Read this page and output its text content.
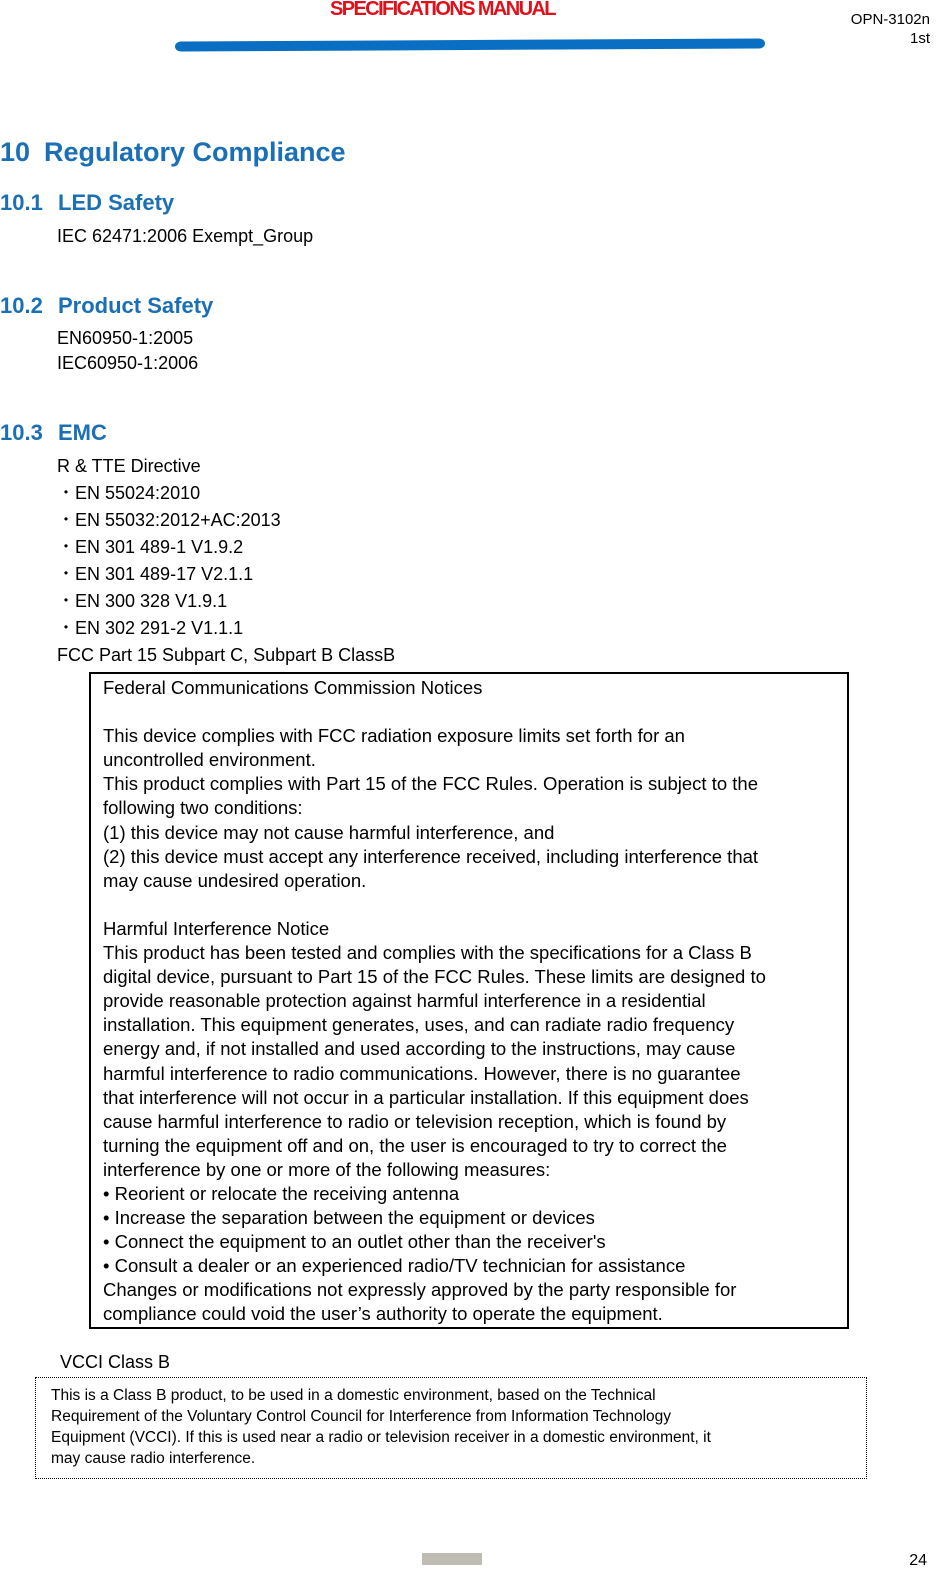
SPECIFICATIONS MANUAL	OPN-3102n
1st
10 Regulatory Compliance
10.1 LED Safety
IEC 62471:2006 Exempt_Group
10.2 Product Safety
EN60950-1:2005
IEC60950-1:2006
10.3 EMC
R & TTE Directive
・ EN 55024:2010
・ EN 55032:2012+AC:2013
・ EN 301 489-1 V1.9.2
・ EN 301 489-17 V2.1.1
・ EN 300 328 V1.9.1
・ EN 302 291-2 V1.1.1
FCC Part 15 Subpart C, Subpart B ClassB

Federal Communications Commission Notices

This device complies with FCC radiation exposure limits set forth for an

uncontrolled environment.

This product complies with Part 15 of the FCC Rules. Operation is subject to the

following two conditions:

(1) this device may not cause harmful interference, and

(2) this device must accept any interference received, including interference that

may cause undesired operation.

Harmful Interference Notice

This product has been tested and complies with the specifications for a Class B

digital device, pursuant to Part 15 of the FCC Rules. These limits are designed to

provide reasonable protection against harmful interference in a residential

installation. This equipment generates, uses, and can radiate radio frequency

energy and, if not installed and used according to the instructions, may cause

harmful interference to radio communications. However, there is no guarantee

that interference will not occur in a particular installation. If this equipment does

cause harmful interference to radio or television reception, which is found by

turning the equipment off and on, the user is encouraged to try to correct the

interference by one or more of the following measures:

• Reorient or relocate the receiving antenna

• Increase the separation between the equipment or devices

• Connect the equipment to an outlet other than the receiver's

• Consult a dealer or an experienced radio/TV technician for assistance

Changes or modifications not expressly approved by the party responsible for

compliance could void the user’s authority to operate the equipment.

VCCI Class B

This is a Class B product, to be used in a domestic environment, based on the Technical

Requirement of the Voluntary Control Council for Interference from Information Technology

Equipment (VCCI). If this is used near a radio or television receiver in a domestic environment, it

may cause radio interference.

24
